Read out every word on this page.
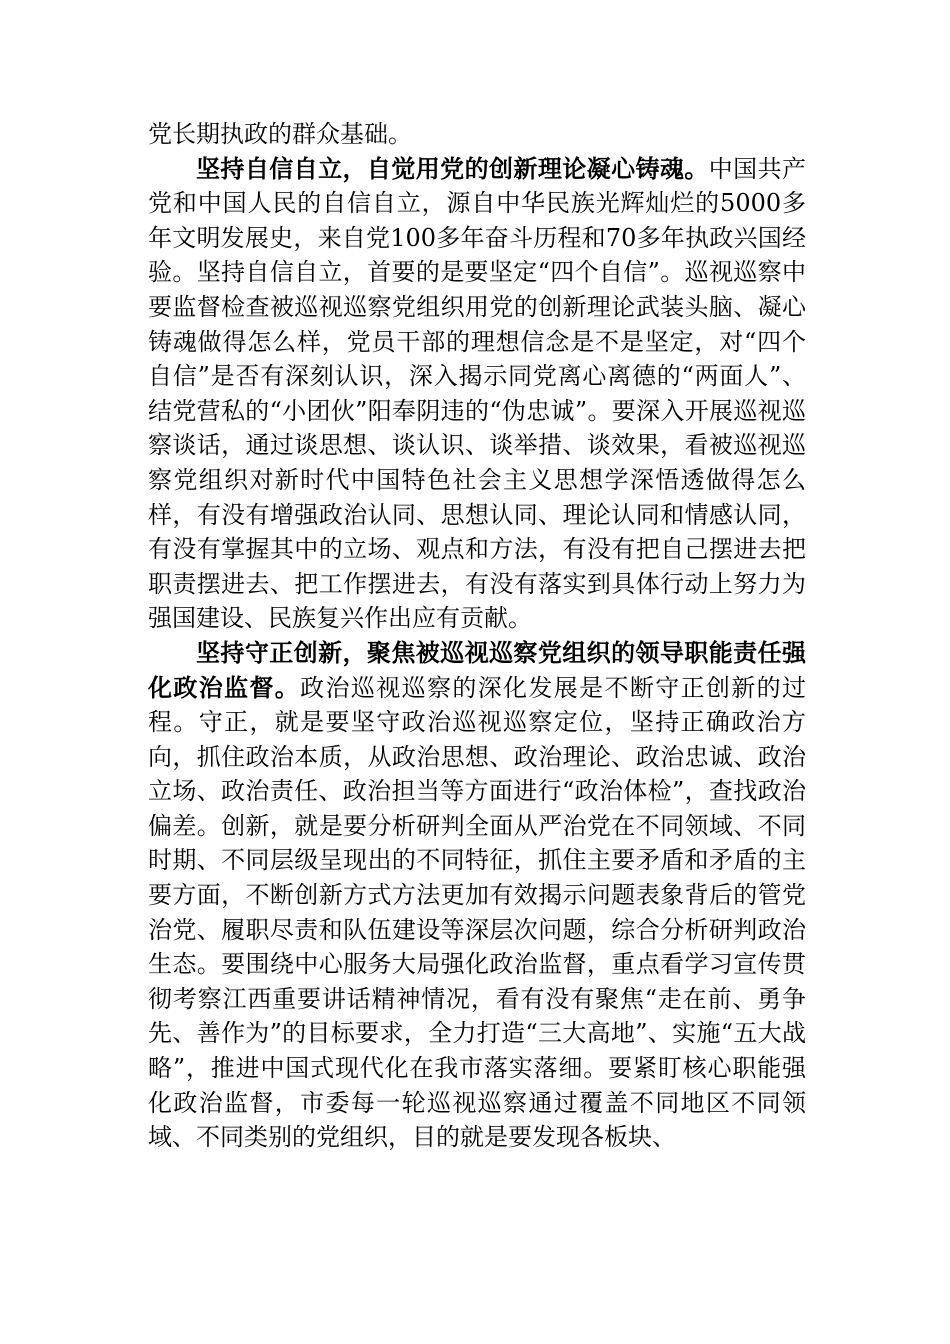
党长期执政的群众基础。

坚持自信自立，自觉用党的创新理论凝心铸魂。中国共产党和中国人民的自信自立，源自中华民族光辉灿烂的5000多年文明发展史，来自党100多年奋斗历程和70多年执政兴国经验。坚持自信自立，首要的是要坚定“四个自信”。巡视巡察中要监督检查被巡视巡察党组织用党的创新理论武装头脑、凝心铸魂做得怎么样，党员干部的理想信念是不是坚定，对“四个自信”是否有深刻认识，深入揭示同党离心离德的“两面人”、结党营私的“小团伙”阳奉阴违的“伪忠诚”。要深入开展巡视巡察谈话，通过谈思想、谈认识、谈举措、谈效果，看被巡视巡察党组织对新时代中国特色社会主义思想学深悟透做得怎么样，有没有增强政治认同、思想认同、理论认同和情感认同，有没有掌握其中的立场、观点和方法，有没有把自己摆进去把职责摆进去、把工作摆进去，有没有落实到具体行动上努力为强国建设、民族复兴作出应有贡献。

坚持守正创新，聚焦被巡视巡察党组织的领导职能责任强化政治监督。政治巡视巡察的深化发展是不断守正创新的过程。守正，就是要坚守政治巡视巡察定位，坚持正确政治方向，抓住政治本质，从政治思想、政治理论、政治忠诚、政治立场、政治责任、政治担当等方面进行“政治体检”，查找政治偏差。创新，就是要分析研判全面从严治党在不同领域、不同时期、不同层级呈现出的不同特征，抓住主要矛盾和矛盾的主要方面，不断创新方式方法更加有效揭示问题表象背后的管党治党、履职尽责和队伍建设等深层次问题，综合分析研判政治生态。要围绕中心服务大局强化政治监督，重点看学习宣传贯彻考察江西重要讲话精神情况，看有没有聚焦“走在前、勇争先、善作为”的目标要求，全力打造“三大高地”、实施“五大战略”，推进中国式现代化在我市落实落细。要紧盯核心职能强化政治监督，市委每一轮巡视巡察通过覆盖不同地区不同领域、不同类别的党组织，目的就是要发现各板块、
